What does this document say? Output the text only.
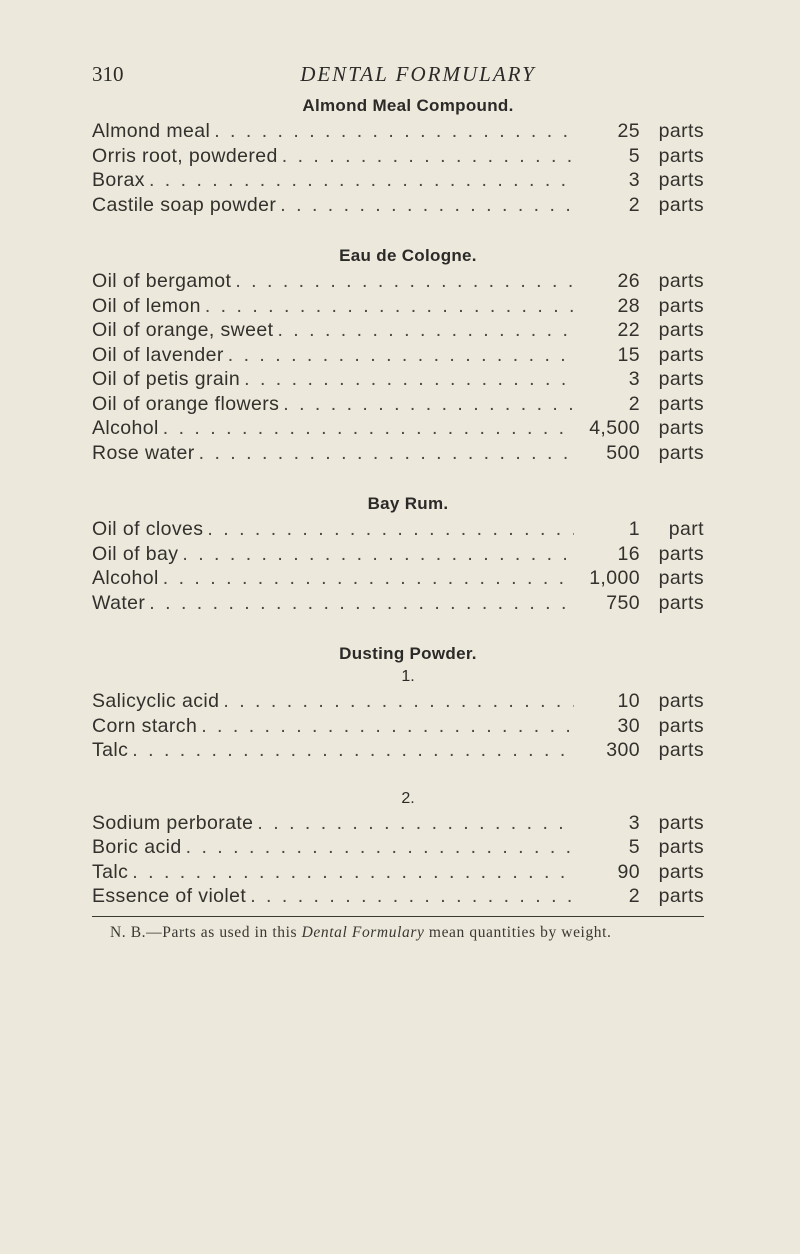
310	DENTAL FORMULARY
Almond Meal Compound.
Almond meal . . .	25 parts
Orris root, powdered . . .	5 parts
Borax . . .	3 parts
Castile soap powder . . .	2 parts
Eau de Cologne.
Oil of bergamot . . .	26 parts
Oil of lemon . . .	28 parts
Oil of orange, sweet . . .	22 parts
Oil of lavender . . .	15 parts
Oil of petis grain . . .	3 parts
Oil of orange flowers . . .	2 parts
Alcohol . . .	4,500 parts
Rose water . . .	500 parts
Bay Rum.
Oil of cloves . . .	1	part
Oil of bay . . .	16 parts
Alcohol . . .	1,000 parts
Water . . .	750 parts
Dusting Powder.
1.
Salicyclic acid . . .	10 parts
Corn starch . . .	30 parts
Talc . . .	300 parts
2.
Sodium perborate . . .	3 parts
Boric acid . . .	5 parts
Talc . . .	90 parts
Essence of violet . . .	2 parts
N. B.—Parts as used in this Dental Formulary mean quantities by weight.
